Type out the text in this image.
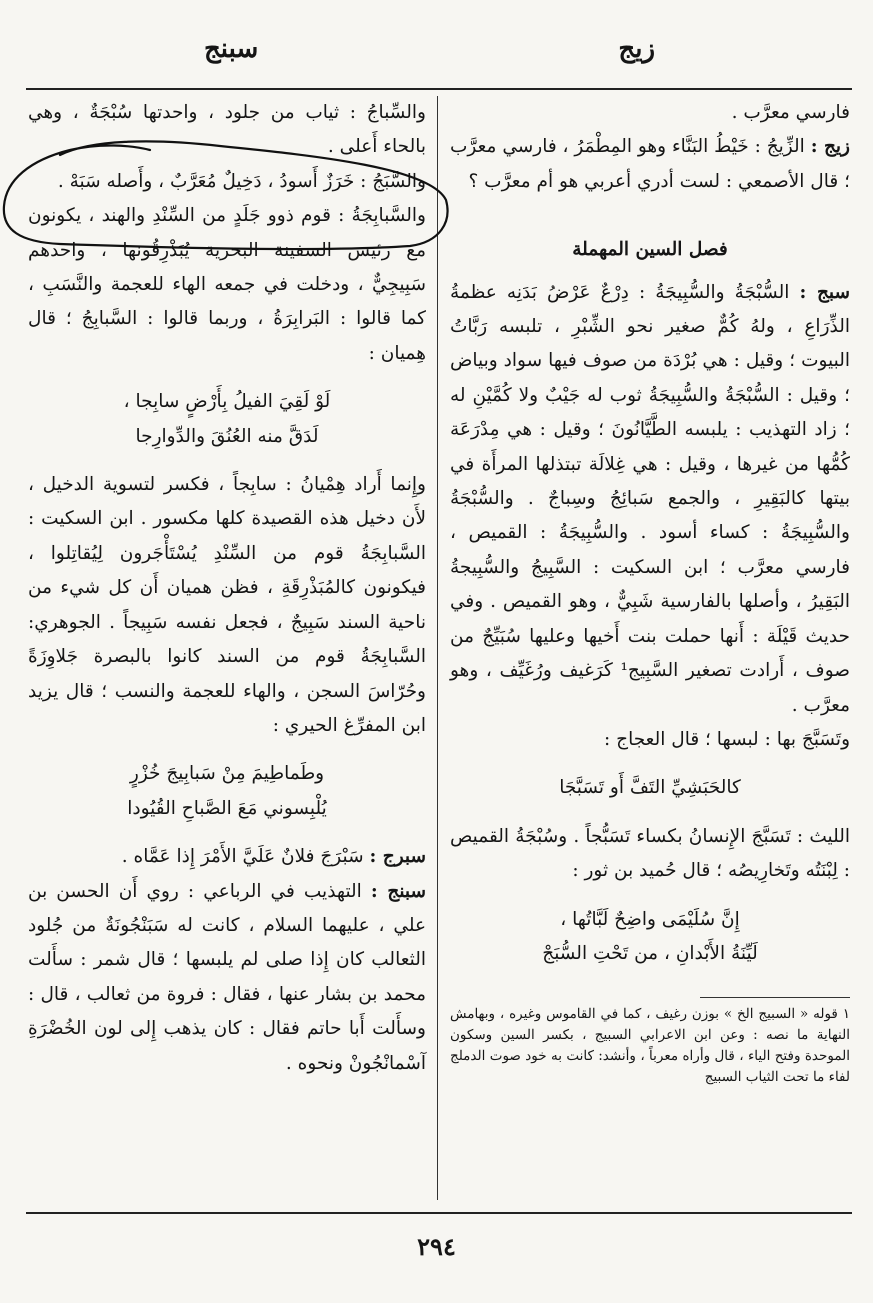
زيج
سبنج

فارسي معرَّب .

زيج : الزِّيجُ : خَيْطُ البَنَّاء وهو المِطْمَرُ ، فارسي معرَّب ؛ قال الأصمعي : لست أدري أعربي هو أم معرَّب ؟

فصل السين المهملة

سبج : السُّبْجَةُ والسُّبِيجَةُ : دِرْعٌ عَرْضُ بَدَنِه عظمةُ الذِّرَاعِ ، ولهُ كُمٌّ صغير نحو الشِّبْرِ ، تلبسه رَبَّاتُ البيوت ؛ وقيل : هي بُرْدَة من صوف فيها سواد وبياض ؛ وقيل : السُّبْجَةُ والسُّبِيجَةُ ثوب له جَيْبٌ ولا كُمَّيْنِ له ؛ زاد التهذيب : يلبسه الطَّيَّانُونَ ؛ وقيل : هي مِدْرَعَة كُمُّها من غيرها ، وقيل : هي غِلالَة تبتذلها المرأَة في بيتها كالبَقِيرِ ، والجمع سَبائِجُ وسِباجٌ . والسُّبْجَةُ والسُّبِيجَةُ : كساء أسود . والسُّبِيجَةُ : القميص ، فارسي معرَّب ؛ ابن السكيت : السَّبِيجُ والسُّبِيجةُ البَقِيرُ ، وأصلها بالفارسية شَبِيٌّ ، وهو القميص . وفي حديث قَيْلَة : أَنها حملت بنت أَخيها وعليها سُبَيِّجٌ من صوف ، أَرادت تصغير السَّبِيج¹ كَرَغيف ورُغَيِّف ، وهو معرَّب .

وتَسَبَّجَ بها : لبسها ؛ قال العجاج :

كالحَبَشِيِّ التَفَّ أَو تَسَبَّجَا

الليث : تَسَبَّجَ الإِنسانُ بكساء تَسَبُّجاً . وسُبْجَةُ القميص : لِبْنَتُه وتَخارِيصُه ؛ قال حُميد بن ثور :

إِنَّ سُلَيْمَى واضِحٌ لَبَّاتُها ،

لَيِّنَةُ الأَبْدانِ ، من تَحْتِ السُّبَجْ

١ قوله « السبيج الخ » بوزن رغيف ، كما في القاموس وغيره ، وبهامش النهاية ما نصه : وعن ابن الاعرابي السبيج ، بكسر السين وسكون الموحدة وفتح الياء ، قال وأراه معرباً ، وأنشد: كانت به خود صوت الدملج لفاء ما تحت الثياب السبيج

والسِّباجُ : ثياب من جلود ، واحدتها سُبْجَةٌ ، وهي بالحاء أَعلى .

والسَّبَجُ : خَرَزٌ أَسودُ ، دَخِيلٌ مُعَرَّبٌ ، وأَصله سَبَهْ .

والسَّبابِجَةُ : قوم ذوو جَلَدٍ من السِّنْدِ والهند ، يكونون مع رئيس السفينة البحرية يُبَذْرِقُونها ، واحدهم سَبِيجِيٌّ ، ودخلت في جمعه الهاء للعجمة والنَّسَبِ ، كما قالوا : البَرابِرَةُ ، وربما قالوا : السَّبابِجُ ؛ قال هِميان :

لَوْ لَقِيَ الفيلُ بِأَرْضٍ سابِجا ،

لَدَقَّ منه العُنُقَ والدِّوارِجا

وإِنما أَراد هِمْيانُ : سابِجاً ، فكسر لتسوية الدخيل ، لأَن دخيل هذه القصيدة كلها مكسور . ابن السكيت : السَّبابِجَةُ قوم من السِّنْدِ يُسْتَأْجَرون لِيُقاتِلوا ، فيكونون كالمُبَذْرِقَةِ ، فظن هميان أَن كل شيء من ناحية السند سَبِيجٌ ، فجعل نفسه سَبِيجاً . الجوهري: السَّبابِجَةُ قوم من السند كانوا بالبصرة جَلاوِزَةً وحُرّاسَ السجن ، والهاء للعجمة والنسب ؛ قال يزيد ابن المفرِّغ الحيري :

وطَماطِيمَ مِنْ سَبابِيجَ خُزْرٍ

يُلْبِسوني مَعَ الصَّباحِ القُيُودا

سبرج : سَبْرَجَ فلانٌ عَلَيَّ الأَمْرَ إِذا عَمَّاه .

سبنج : التهذيب في الرباعي : روي أَن الحسن بن علي ، عليهما السلام ، كانت له سَبَنْجُونَةٌ من جُلود الثعالب كان إِذا صلى لم يلبسها ؛ قال شمر : سأَلت محمد بن بشار عنها ، فقال : فروة من ثعالب ، قال : وسأَلت أَبا حاتم فقال : كان يذهب إِلى لون الخُضْرَةِ آسْمانْجُونْ ونحوه .

٢٩٤
